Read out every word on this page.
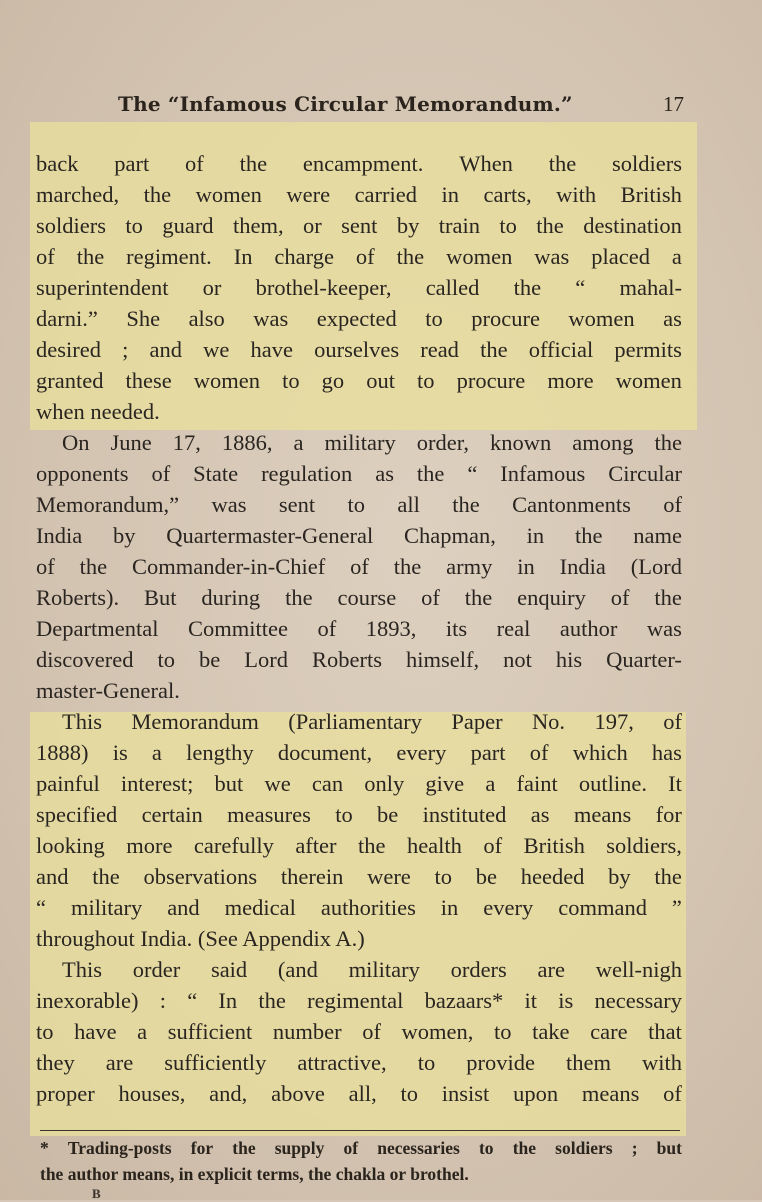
The “Infamous Circular Memorandum.”	17
back part of the encampment. When the soldiers
marched, the women were carried in carts, with British
soldiers to guard them, or sent by train to the destination
of the regiment. In charge of the women was placed a
superintendent or brothel-keeper, called the “ mahal-
darni.” She also was expected to procure women as
desired ; and we have ourselves read the official permits
granted these women to go out to procure more women
when needed.
On June 17, 1886, a military order, known among the
opponents of State regulation as the “ Infamous Circular
Memorandum,” was sent to all the Cantonments of
India by Quartermaster-General Chapman, in the name
of the Commander-in-Chief of the army in India (Lord
Roberts). But during the course of the enquiry of the
Departmental Committee of 1893, its real author was
discovered to be Lord Roberts himself, not his Quarter-
master-General.
This Memorandum (Parliamentary Paper No. 197, of
1888) is a lengthy document, every part of which has
painful interest; but we can only give a faint outline. It
specified certain measures to be instituted as means for
looking more carefully after the health of British soldiers,
and the observations therein were to be heeded by the
“ military and medical authorities in every command ”
throughout India. (See Appendix A.)
This order said (and military orders are well-nigh
inexorable) : “ In the regimental bazaars* it is necessary
to have a sufficient number of women, to take care that
they are sufficiently attractive, to provide them with
proper houses, and, above all, to insist upon means of
* Trading-posts for the supply of necessaries to the soldiers ; but
the author means, in explicit terms, the chakla or brothel.
B
